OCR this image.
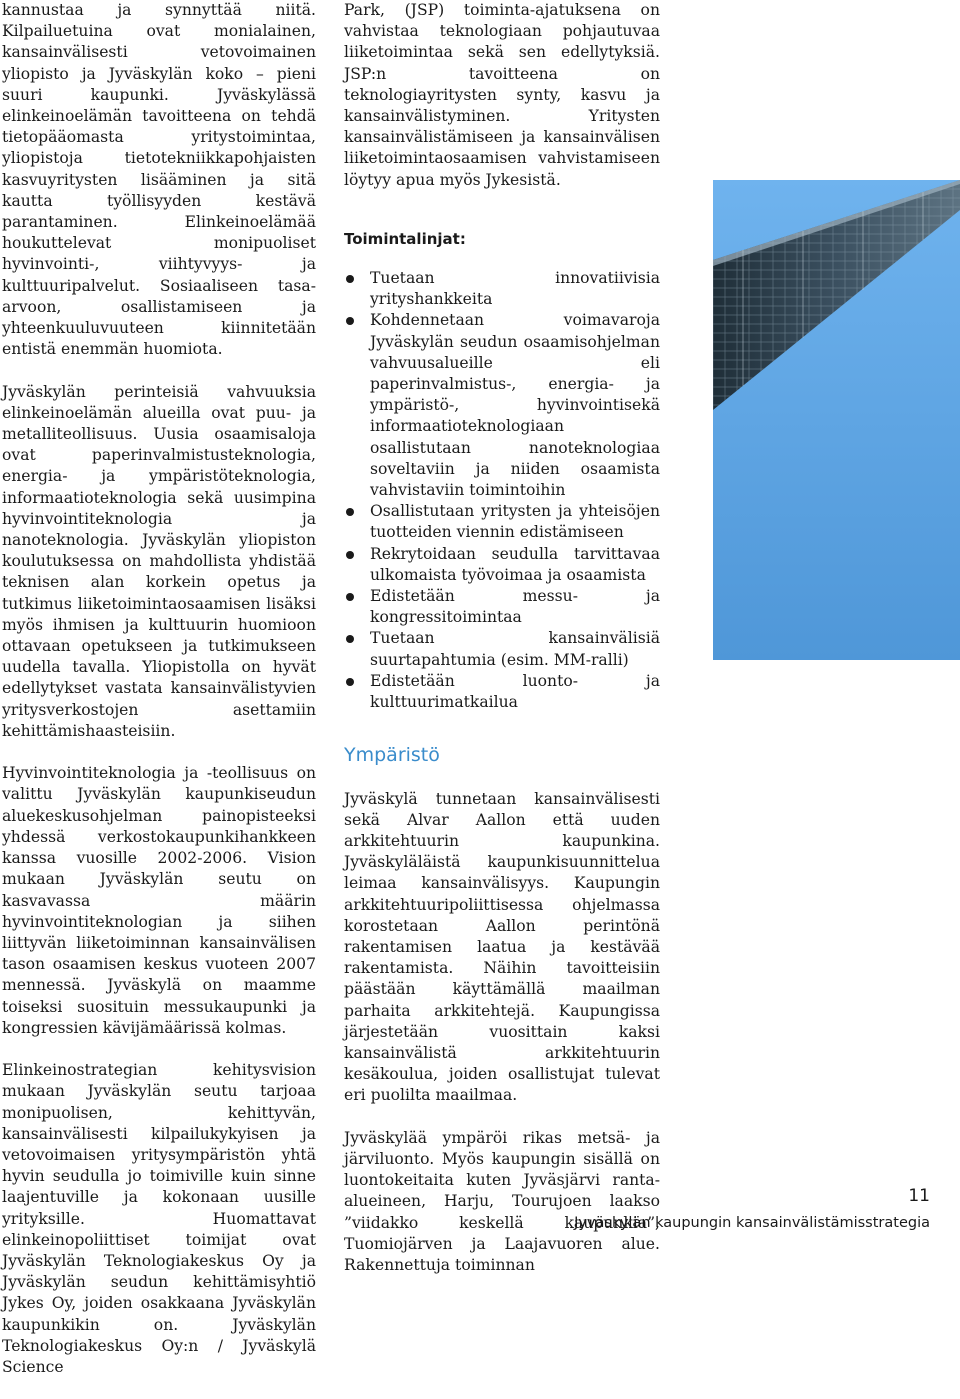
kannustaa ja synnyttää niitä. Kilpailuetuina ovat monialainen, kansainvälisesti vetovoimainen yliopisto ja Jyväskylän koko – pieni suuri kaupunki. Jyväskylässä elinkeinoelämän tavoitteena on tehdä tietopääomasta yritystoimintaa, yliopistoja tietotekniikkapohjaisten kasvuyritysten lisääminen ja sitä kautta työllisyyden kestävä parantaminen. Elinkeinoelämää houkuttelevat monipuoliset hyvinvointi-, viihtyvyys- ja kulttuuripalvelut. Sosiaaliseen tasa-arvoon, osallistamiseen ja yhteenkuuluvuuteen kiinnitetään entistä enemmän huomiota.

Jyväskylän perinteisiä vahvuuksia elinkeinoelämän alueilla ovat puu- ja metalliteollisuus. Uusia osaamisaloja ovat paperinvalmistusteknologia, energia- ja ympäristöteknologia, informaatioteknologia sekä uusimpina hyvinvointiteknologia ja nanoteknologia. Jyväskylän yliopiston koulutuksessa on mahdollista yhdistää teknisen alan korkein opetus ja tutkimus liiketoimintaosaamisen lisäksi myös ihmisen ja kulttuurin huomioon ottavaan opetukseen ja tutkimukseen uudella tavalla. Yliopistolla on hyvät edellytykset vastata kansainvälistyvien yritysverkostojen asettamiin kehittämishaasteisiin.

Hyvinvointiteknologia ja -teollisuus on valittu Jyväskylän kaupunkiseudun aluekeskusohjelman painopisteeksi yhdessä verkostokaupunkihankkeen kanssa vuosille 2002-2006. Vision mukaan Jyväskylän seutu on kasvavassa määrin hyvinvointiteknologian ja siihen liittyvän liiketoiminnan kansainvälisen tason osaamisen keskus vuoteen 2007 mennessä. Jyväskylä on maamme toiseksi suosituin messukaupunki ja kongressien kävijämäärissä kolmas.

Elinkeinostrategian kehitysvision mukaan Jyväskylän seutu tarjoaa monipuolisen, kehittyvän, kansainvälisesti kilpailukykyisen ja vetovoimaisen yritysympäristön yhtä hyvin seudulla jo toimiville kuin sinne laajentuville ja kokonaan uusille yrityksille. Huomattavat elinkeinopoliittiset toimijat ovat Jyväskylän Teknologiakeskus Oy ja Jyväskylän seudun kehittämisyhtiö Jykes Oy, joiden osakkaana Jyväskylän kaupunkikin on. Jyväskylän Teknologiakeskus Oy:n / Jyväskylä Science

Park, (JSP) toiminta-ajatuksena on vahvistaa teknologiaan pohjautuvaa liiketoimintaa sekä sen edellytyksiä. JSP:n tavoitteena on teknologiayritysten synty, kasvu ja kansainvälistyminen. Yritysten kansainvälistämiseen ja kansainvälisen liiketoimintaosaamisen vahvistamiseen löytyy apua myös Jykesistä.

Toimintalinjat:
Tuetaan innovatiivisia yrityshankkeita
Kohdennetaan voimavaroja Jyväskylän seudun osaamisohjelman vahvuusalueille eli paperinvalmistus-, energia- ja ympäristö-, hyvinvointisekä informaatioteknologiaan osallistutaan nanoteknologiaa soveltaviin ja niiden osaamista vahvistaviin toimintoihin
Osallistutaan yritysten ja yhteisöjen tuotteiden viennin edistämiseen
Rekrytoidaan seudulla tarvittavaa ulkomaista työvoimaa ja osaamista
Edistetään messu- ja kongressitoimintaa
Tuetaan kansainvälisiä suurtapahtumia (esim. MM-ralli)
Edistetään luonto- ja kulttuurimatkailua
Ympäristö

Jyväskylä tunnetaan kansainvälisesti sekä Alvar Aallon että uuden arkkitehtuurin kaupunkina. Jyväskyläläistä kaupunkisuunnittelua leimaa kansainvälisyys. Kaupungin arkkitehtuuripoliittisessa ohjelmassa korostetaan Aallon perintönä rakentamisen laatua ja kestävää rakentamista. Näihin tavoitteisiin päästään käyttämällä maailman parhaita arkkitehtejä. Kaupungissa järjestetään vuosittain kaksi kansainvälistä arkkitehtuurin kesäkoulua, joiden osallistujat tulevat eri puolilta maailmaa.

Jyväskylää ympäröi rikas metsä- ja järviluonto. Myös kaupungin sisällä on luontokeitaita kuten Jyväsjärvi ranta-alueineen, Harju, Tourujoen laakso ”viidakko keskellä kaupunkia”, Tuomiojärven ja Laajavuoren alue. Rakennettuja toiminnan

11
Jyväskylän kaupungin kansainvälistämisstrategia
